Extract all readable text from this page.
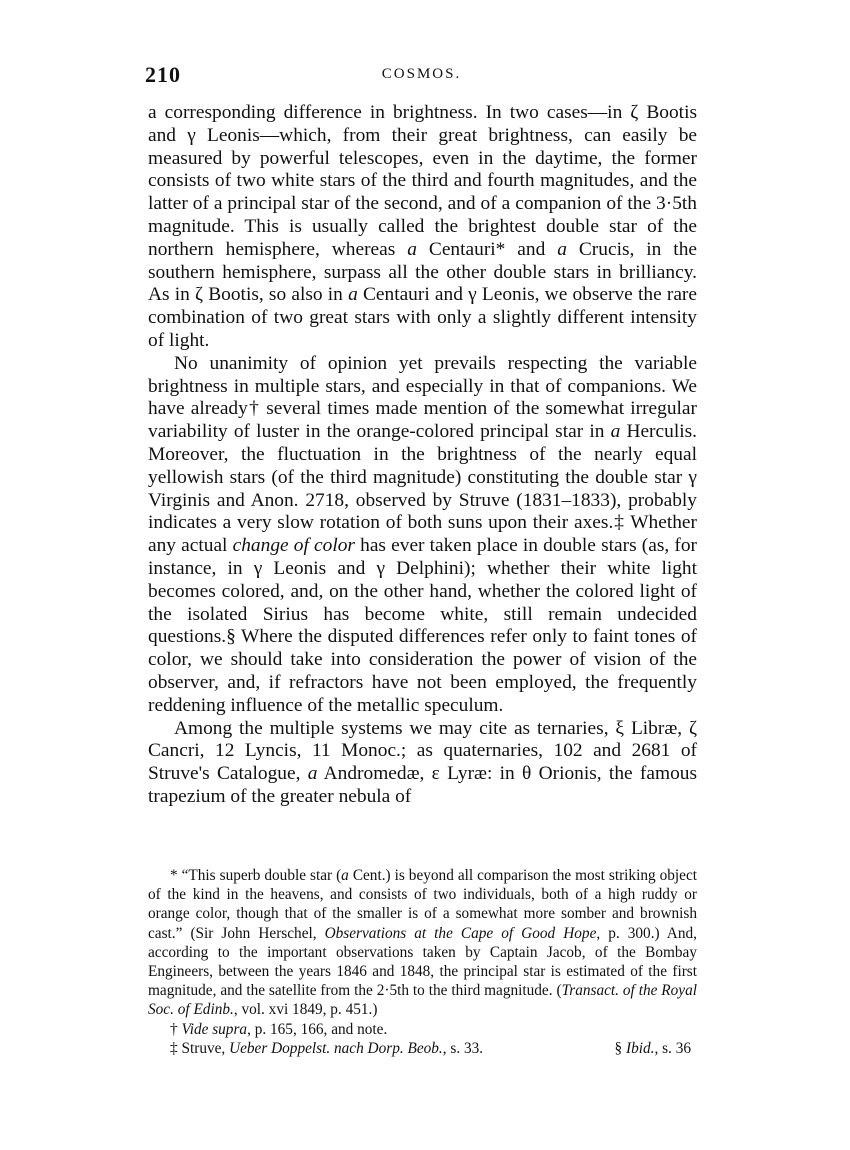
210	COSMOS.

a corresponding difference in brightness. In two cases—in ζ Bootis and γ Leonis—which, from their great brightness, can easily be measured by powerful telescopes, even in the daytime, the former consists of two white stars of the third and fourth magnitudes, and the latter of a principal star of the second, and of a companion of the 3·5th magnitude. This is usually called the brightest double star of the northern hemisphere, whereas a Centauri* and a Crucis, in the southern hemisphere, surpass all the other double stars in brilliancy. As in ζ Bootis, so also in a Centauri and γ Leonis, we observe the rare combination of two great stars with only a slightly different intensity of light.

No unanimity of opinion yet prevails respecting the variable brightness in multiple stars, and especially in that of companions. We have already† several times made mention of the somewhat irregular variability of luster in the orange-colored principal star in a Herculis. Moreover, the fluctuation in the brightness of the nearly equal yellowish stars (of the third magnitude) constituting the double star γ Virginis and Anon. 2718, observed by Struve (1831–1833), probably indicates a very slow rotation of both suns upon their axes.‡ Whether any actual change of color has ever taken place in double stars (as, for instance, in γ Leonis and γ Delphini); whether their white light becomes colored, and, on the other hand, whether the colored light of the isolated Sirius has become white, still remain undecided questions.§ Where the disputed differences refer only to faint tones of color, we should take into consideration the power of vision of the observer, and, if refractors have not been employed, the frequently reddening influence of the metallic speculum.

Among the multiple systems we may cite as ternaries, ξ Libræ, ζ Cancri, 12 Lyncis, 11 Monoc.; as quaternaries, 102 and 2681 of Struve's Catalogue, a Andromedæ, ε Lyræ: in θ Orionis, the famous trapezium of the greater nebula of

* “This superb double star (a Cent.) is beyond all comparison the most striking object of the kind in the heavens, and consists of two individuals, both of a high ruddy or orange color, though that of the smaller is of a somewhat more somber and brownish cast.” (Sir John Herschel, Observations at the Cape of Good Hope, p. 300.) And, according to the important observations taken by Captain Jacob, of the Bombay Engineers, between the years 1846 and 1848, the principal star is estimated of the first magnitude, and the satellite from the 2·5th to the third magnitude. (Transact. of the Royal Soc. of Edinb., vol. xvi 1849, p. 451.)

† Vide supra, p. 165, 166, and note.

‡ Struve, Ueber Doppelst. nach Dorp. Beob., s. 33.	§ Ibid., s. 36
